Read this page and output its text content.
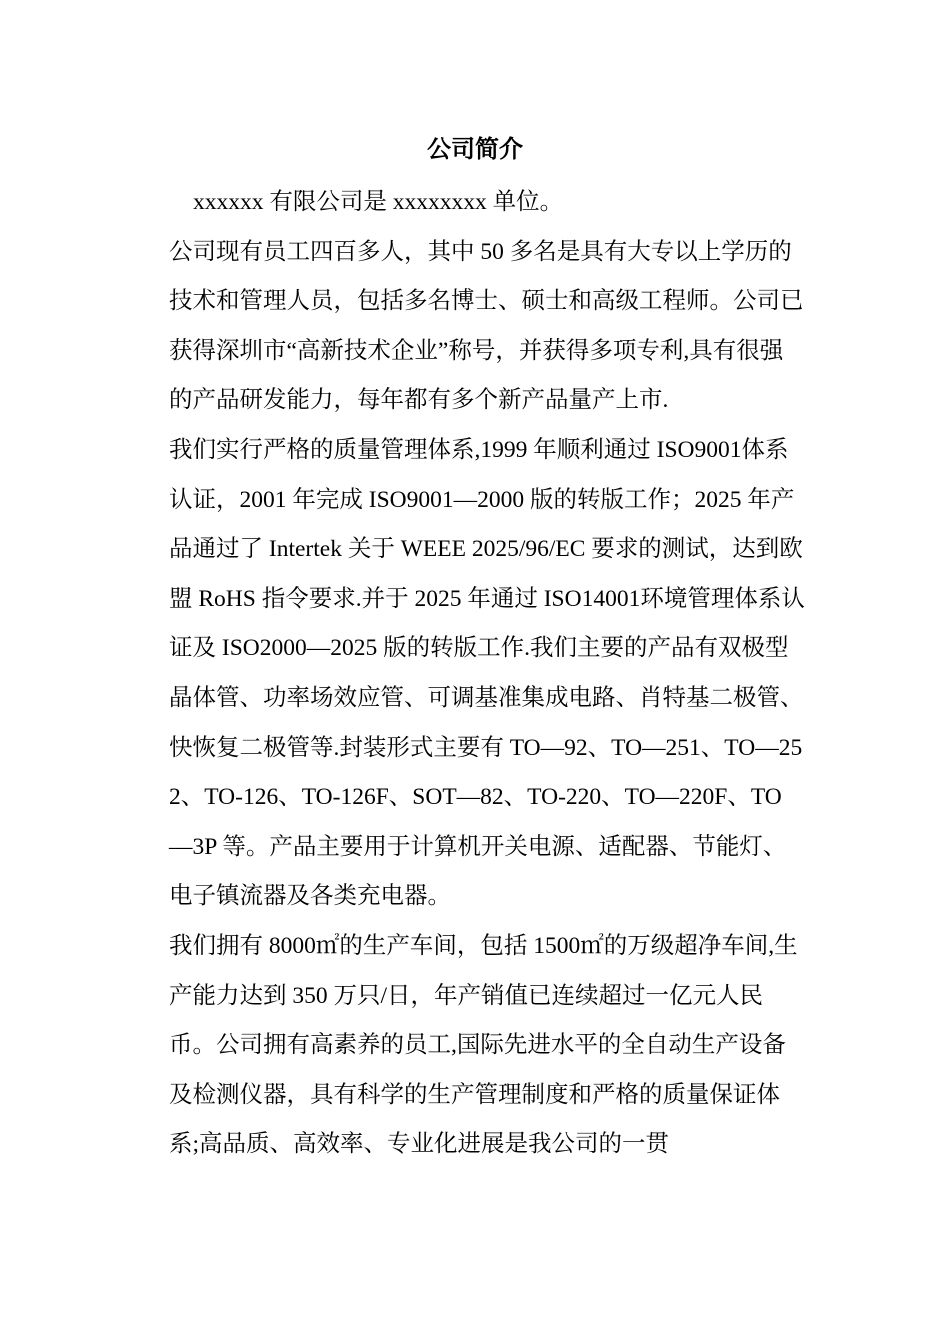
公司简介

xxxxxx 有限公司是 xxxxxxxx 单位。

公司现有员工四百多人，其中 50 多名是具有大专以上学历的技术和管理人员，包括多名博士、硕士和高级工程师。公司已获得深圳市“高新技术企业”称号，并获得多项专利,具有很强的产品研发能力，每年都有多个新产品量产上市.

我们实行严格的质量管理体系,1999 年顺利通过 ISO9001体系认证，2001 年完成 ISO9001—2000 版的转版工作；2025 年产品通过了 Intertek 关于 WEEE 2025/96/EC 要求的测试，达到欧盟 RoHS 指令要求.并于 2025 年通过 ISO14001环境管理体系认证及 ISO2000—2025 版的转版工作.我们主要的产品有双极型晶体管、功率场效应管、可调基准集成电路、肖特基二极管、快恢复二极管等.封装形式主要有 TO—92、TO—251、TO—252、TO-126、TO-126F、SOT—82、TO-220、TO—220F、TO—3P 等。产品主要用于计算机开关电源、适配器、节能灯、电子镇流器及各类充电器。

我们拥有 8000㎡的生产车间，包括 1500㎡的万级超净车间,生产能力达到 350 万只/日，年产销值已连续超过一亿元人民币。公司拥有高素养的员工,国际先进水平的全自动生产设备及检测仪器，具有科学的生产管理制度和严格的质量保证体系;高品质、高效率、专业化进展是我公司的一贯
